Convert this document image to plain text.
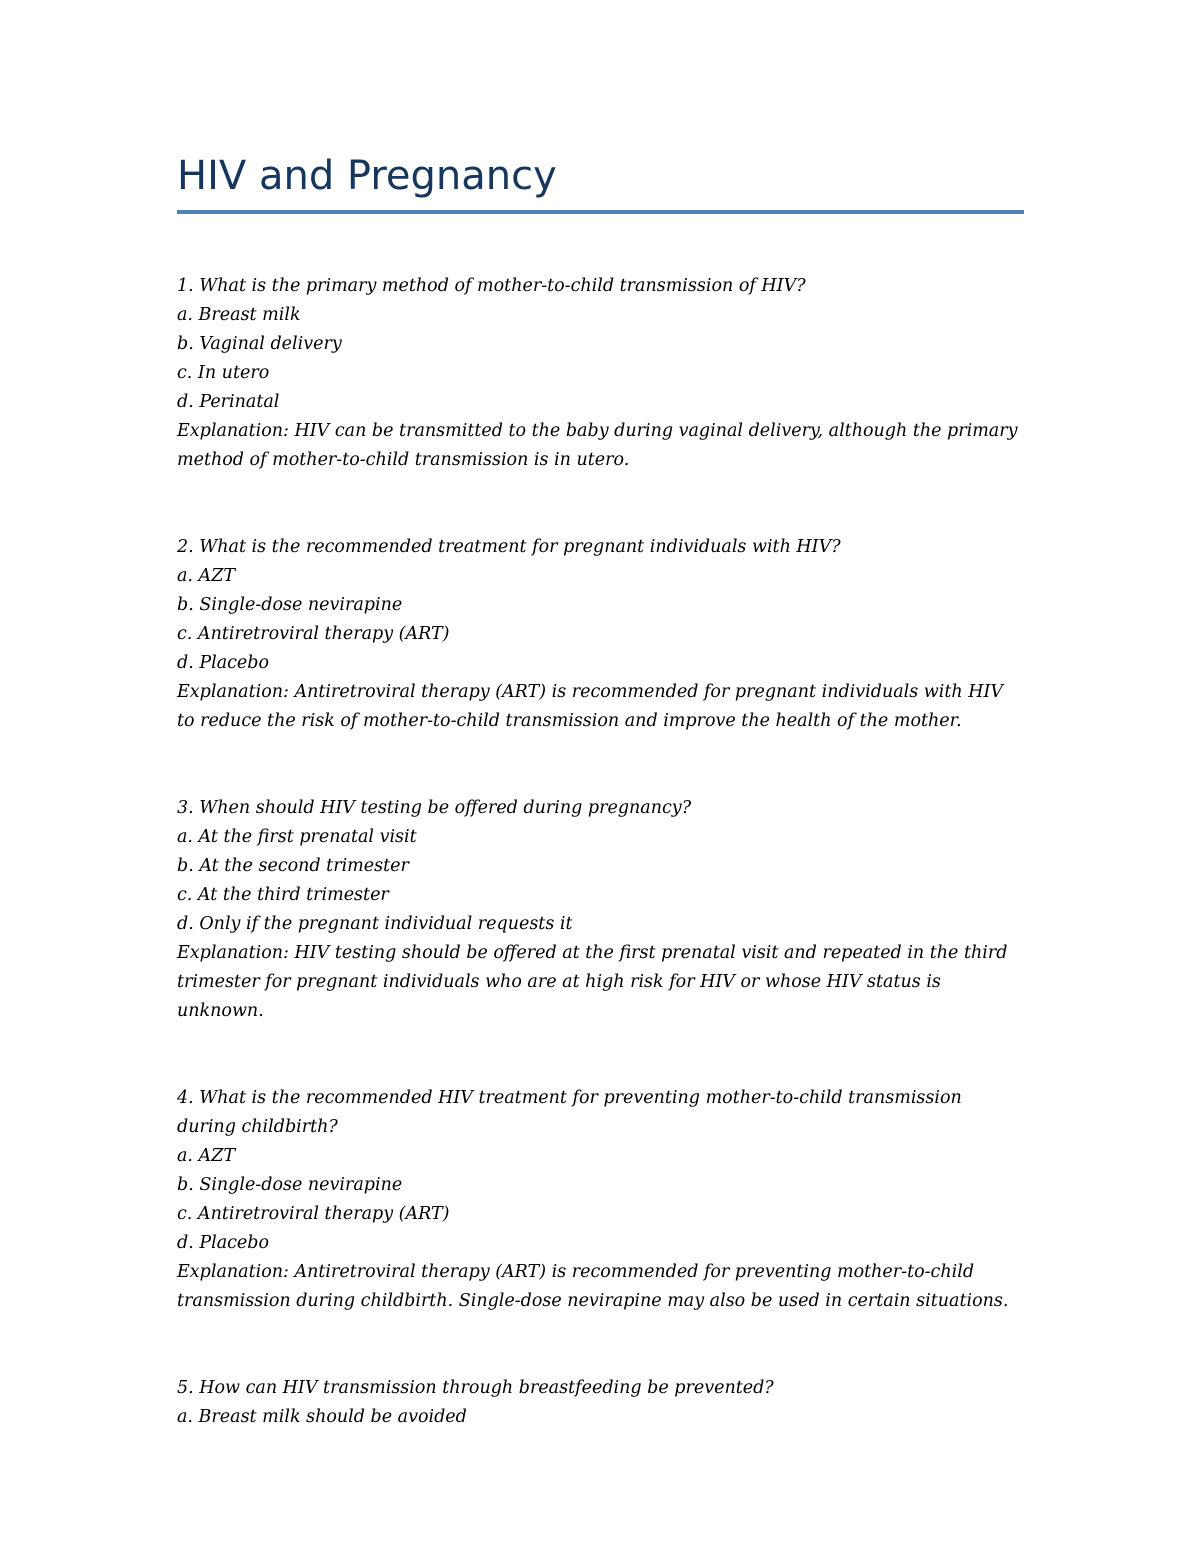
HIV and Pregnancy
1. What is the primary method of mother-to-child transmission of HIV?
a. Breast milk
b. Vaginal delivery
c. In utero
d. Perinatal
Explanation: HIV can be transmitted to the baby during vaginal delivery, although the primary
method of mother-to-child transmission is in utero.
2. What is the recommended treatment for pregnant individuals with HIV?
a. AZT
b. Single-dose nevirapine
c. Antiretroviral therapy (ART)
d. Placebo
Explanation: Antiretroviral therapy (ART) is recommended for pregnant individuals with HIV
to reduce the risk of mother-to-child transmission and improve the health of the mother.
3. When should HIV testing be offered during pregnancy?
a. At the first prenatal visit
b. At the second trimester
c. At the third trimester
d. Only if the pregnant individual requests it
Explanation: HIV testing should be offered at the first prenatal visit and repeated in the third
trimester for pregnant individuals who are at high risk for HIV or whose HIV status is
unknown.
4. What is the recommended HIV treatment for preventing mother-to-child transmission
during childbirth?
a. AZT
b. Single-dose nevirapine
c. Antiretroviral therapy (ART)
d. Placebo
Explanation: Antiretroviral therapy (ART) is recommended for preventing mother-to-child
transmission during childbirth. Single-dose nevirapine may also be used in certain situations.
5. How can HIV transmission through breastfeeding be prevented?
a. Breast milk should be avoided
